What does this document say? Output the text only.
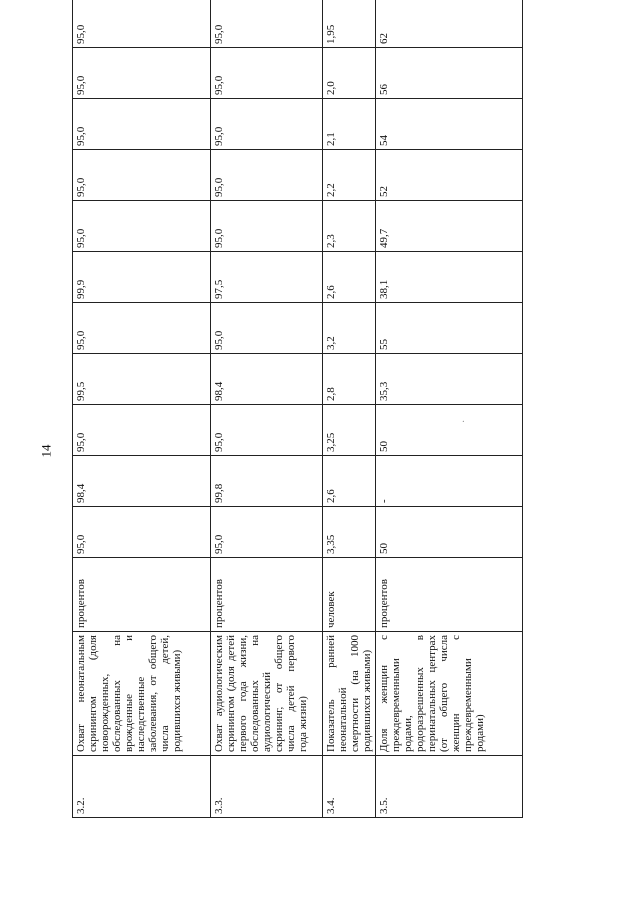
14
3.2.	Охват неонатальным скринингом (доля новорожденных, обследованных на врожденные и наследственные заболевания, от общего числа детей, родившихся живыми)	процентов	95,0	98,4	95,0	99,5	95,0	99,9	95,0	95,0	95,0	95,0	95,0
3.3.	Охват аудиологическим скринингом (доля детей первого года жизни, обследованных на аудиологический скрининг, от общего числа детей первого года жизни)	процентов	95,0	99,8	95,0	98,4	95,0	97,5	95,0	95,0	95,0	95,0	95,0
3.4.	Показатель ранней неонатальной смертности (на 1000 родившихся живыми)	человек	3,35	2,6	3,25	2,8	3,2	2,6	2,3	2,2	2,1	2,0	1,95
3.5.	Доля женщин с преждевременными родами, родоразрешенных в перинатальных центрах (от общего числа женщин с преждевременными родами)	процентов	50	-	50	35,3	55	38,1	49,7	52	54	56	62
.
